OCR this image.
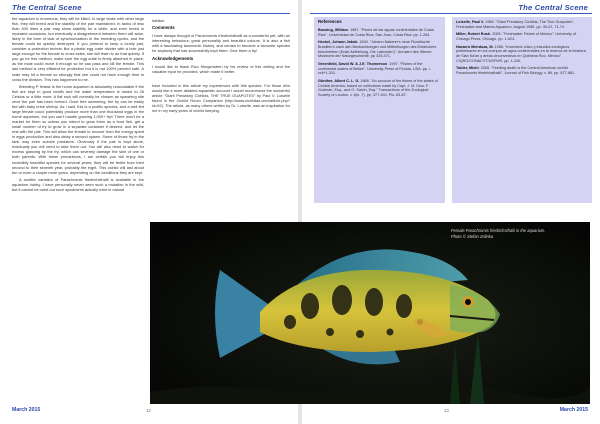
The Central Scene

the aquarium is enormous, they will be killed. In large tanks with other large fish, they will breed and the stability of the pair maintained. In tanks of less than 400 litres a pair may show stability for a while, and even breed in repeated occasions, but eventually a disagreement between them will arise, likely in the form of lack of synchronization in the breeding cycles, and the female could be quickly destroyed. If you pretend to keep a lonely pair, consider a protection technic like a plastic egg crate divider with a hole just large enough for the female to cross sides, she will learn to do that quickly. If you go for this method, make sure the egg crate is firmly attached in place, as the male could move it enough so he can pass and kill the female. This last method is very efficient for protection but it is not 100% percent safe. A male may hit a female so strongly that she could not have enough time to cross the division. This has happened to me.

Breeding P. festae is the home aquarium is absolutely unavoidable if the fish are kept in good health and the water temperature is raised to 26 Celsius or a little more. A flat rock will normally be chosen as spawning site once the pair has been formed. Once free swimming, the fry can be easily fed with baby brine shrimp. As I said, this is a prolific species, and a well fed large female could potentially produce more than one thousand eggs in the home aquarium, but you can't handle growing 1,000+ fry!! There won't be a market for them so unless you intend to grow them as a food fish, get a small number of fry to grow in a separate container if desired, and let the rest with the pair. This will allow the female to recover from the energy spent in eggs production and also delay a second spawn. Some of those fry in the tank may even survive predators. Obviously if the pair is kept alone, eventually you will need to take them out. You will also need to watch for excess glancing by the fry, which can severely damage the skin of one or both parents. With these precautions, I am certain you will enjoy this incredibly beautiful species for several years; they will be fertile from their second to their seventh year, probably the eight. This cichlid will last about ten or even a couple more years, depending on the conditions they are kept.

A xanthic variation of Parachromis friedrichsthalii is available in the aquarium hobby. I have personally never seen such a mutation in the wild, but it cannot be ruled out such specimens actually exist in natural

habitat.

Comments

I have always thought of Parachromis friedrichsthalii as a wonderful pet, with an interesting behaviour, great personality and beautiful colours. It is also a fish with a fascinating taxonomic history, and certain to become a favourite species for anybody that has successfully kept them. Give them a try!

Acknowledgements

I would like to thank Rico Morgenstern by his review of this writing and the valuable input he provided, which made it better.

I

have included in this article my experiences with this species. For those who would like a more detailed aquaristic account I would recommend the wonderful article "Giant Predatory Cichlids, THE TRUE GUAPOTES" by Paul V. Loiselle found in the Cichlid Room Companion (http://www.cichlidae.com/article.php?id=92). The article, as many others written by Dr. Loiselle, was an inspiration for me in my early years of cichlid keeping.

March 2015	12
The Central Scene
References

Bussing, William. 1987. "Peces de las aguas continentales de Costa Rica". Universidad de Costa Rica, San Jose, Costa Rica. pp. 1-264.

Heckel, Johann Jakob. 1840. "Johann Natterer's neue Flussfische Brasilien's nach den Beobachtungen und Mittheilungen des Entdeckers beschrieben (Erste Abtheilung, Die Labroiden)". Annalen des Wiener Museums der Naturgeschichte. pp 325-471.

Greenfield, David W. & J.E. Thomerson. 1997. "Fishes of the continental waters of Belize". University Press of Florida, USA. pp. i-xxii+1-311.

Günther, Albert C. L. G. 1868. "An account of the fishes of the states of Central America, based on collections made by Capt. J. M. Dow, F. Godman, Esq., and O. Salvin, Esq." Transactions of the Zoological Society of London. v. 6(n. 7), pp. 377-494, Pls. 63-87.

Loiselle, Paul V. 1985. "Giant Predatory Cichlids, The True Guapotes", Freshwater and Marine Aquarium, August 1985. pp. 39-47, 71-74.

Miller, Robert Rush. 2005. "Freshwater Fishes of Mexico". University of Chicago Press, Chicago. pp. 1-524.

Navarro Mendoza, M. 1988. "Inventario íctico y estudios ecológicos preliminares en los cuerpos de agua continentales en la reserva de la biósfera de Sian Ka'an y áreas circunvecinas en Quintana Roo, México". CIQRO/CONACYT/USFWS. pp. 1-240.

Tobler, Michi. 2005. "Feeding death is the Central American cichlid Parachromis friedrichsthalii". Journal of Fish Biology. v. 66, pp. 877-881.

March 2015
13
Female Parachromis friedrichsthalii in the aquarium.
Photo © Stefan Zelinka
